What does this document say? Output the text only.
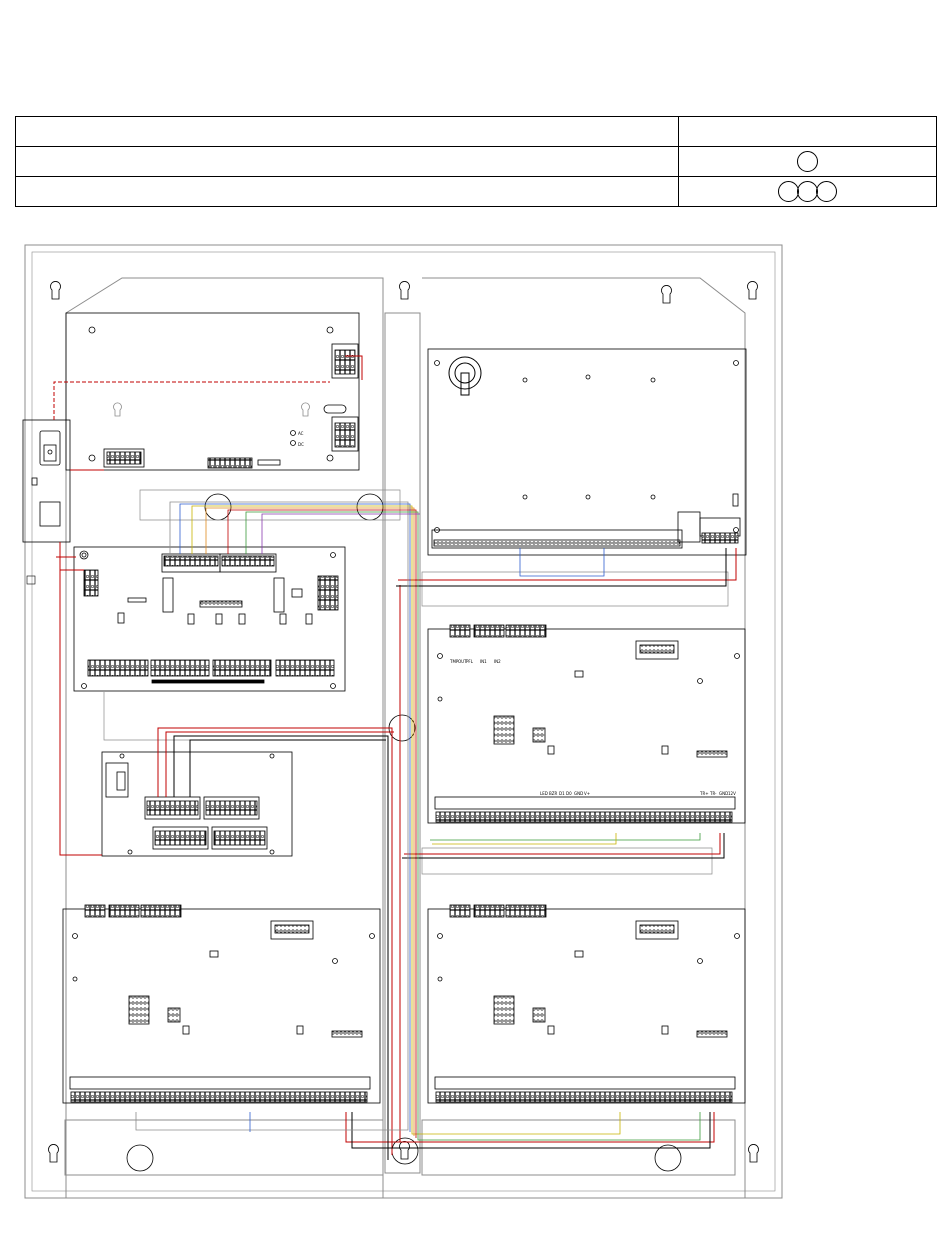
AC
DC
TMP OUT PFL IN1 IN2
TR+ TR- GND 12V
LED BZR D1 D0 GND V+
